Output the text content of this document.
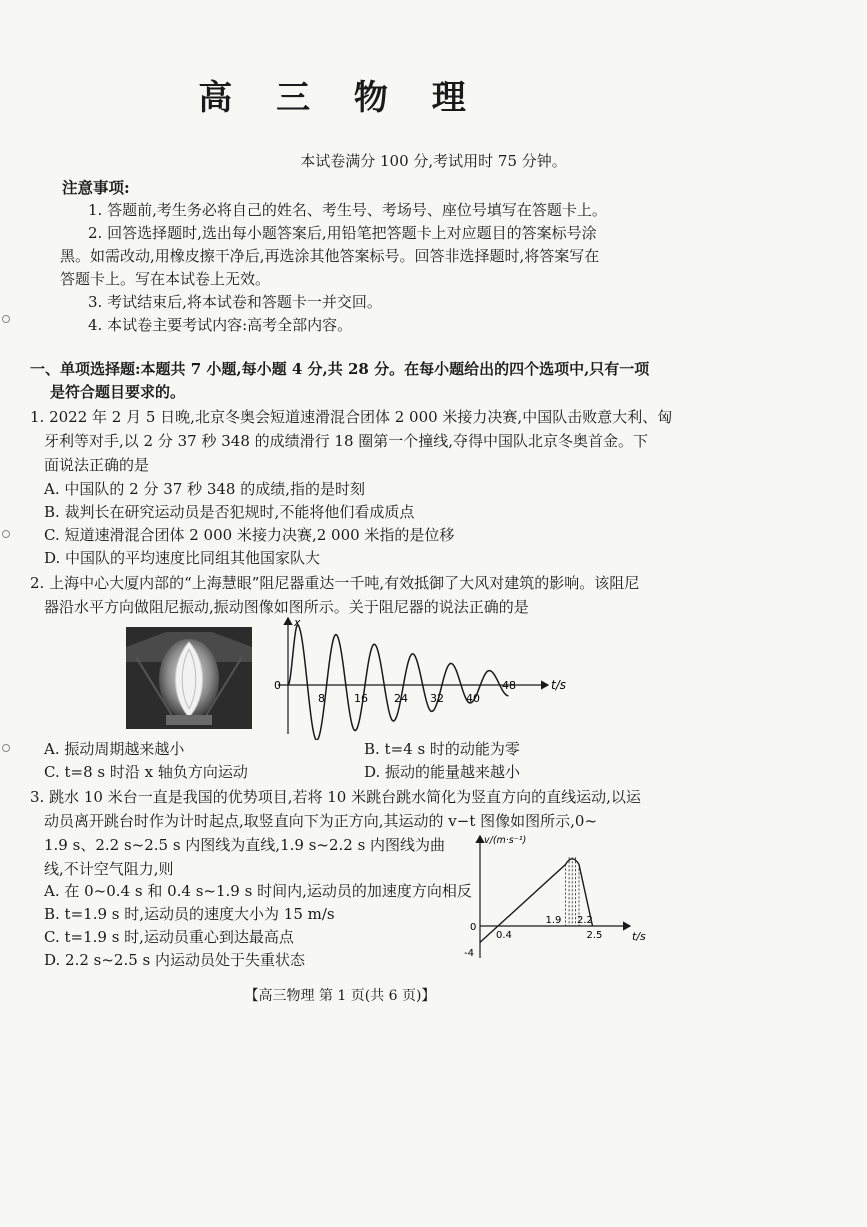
高 三 物 理
本试卷满分 100 分,考试用时 75 分钟。
注意事项:
1. 答题前,考生务必将自己的姓名、考生号、考场号、座位号填写在答题卡上。
2. 回答选择题时,选出每小题答案后,用铅笔把答题卡上对应题目的答案标号涂
黑。如需改动,用橡皮擦干净后,再选涂其他答案标号。回答非选择题时,将答案写在
答题卡上。写在本试卷上无效。
3. 考试结束后,将本试卷和答题卡一并交回。
4. 本试卷主要考试内容:高考全部内容。
一、单项选择题:本题共 7 小题,每小题 4 分,共 28 分。在每小题给出的四个选项中,只有一项
是符合题目要求的。
1. 2022 年 2 月 5 日晚,北京冬奥会短道速滑混合团体 2 000 米接力决赛,中国队击败意大利、匈
牙利等对手,以 2 分 37 秒 348 的成绩滑行 18 圈第一个撞线,夺得中国队北京冬奥首金。下
面说法正确的是
A. 中国队的 2 分 37 秒 348 的成绩,指的是时刻
B. 裁判长在研究运动员是否犯规时,不能将他们看成质点
C. 短道速滑混合团体 2 000 米接力决赛,2 000 米指的是位移
D. 中国队的平均速度比同组其他国家队大
2. 上海中心大厦内部的“上海慧眼”阻尼器重达一千吨,有效抵御了大风对建筑的影响。该阻尼
器沿水平方向做阻尼振动,振动图像如图所示。关于阻尼器的说法正确的是
x
t/s
0
8	16 24 32 40
48
A. 振动周期越来越小	B. t=4 s 时的动能为零
C. t=8 s 时沿 x 轴负方向运动	D. 振动的能量越来越小
3. 跳水 10 米台一直是我国的优势项目,若将 10 米跳台跳水简化为竖直方向的直线运动,以运
动员离开跳台时作为计时起点,取竖直向下为正方向,其运动的 v−t 图像如图所示,0~
1.9 s、2.2 s~2.5 s 内图线为直线,1.9 s~2.2 s 内图线为曲
线,不计空气阻力,则
A. 在 0~0.4 s 和 0.4 s~1.9 s 时间内,运动员的加速度方向相反
B. t=1.9 s 时,运动员的速度大小为 15 m/s
C. t=1.9 s 时,运动员重心到达最高点
D. 2.2 s~2.5 s 内运动员处于失重状态
v/(m·s⁻¹)
t/s
0
-4
0.4
1.9 2.2
2.5
【高三物理 第 1 页(共 6 页)】
